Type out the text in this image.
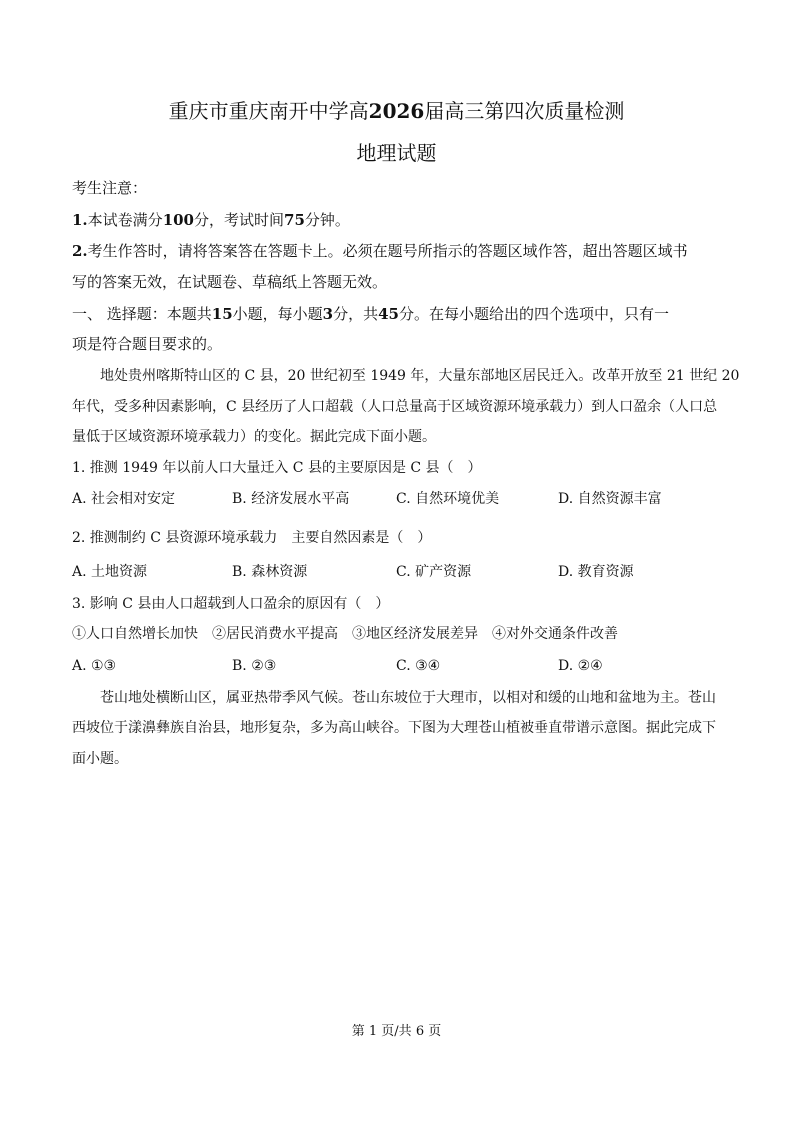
重庆市重庆南开中学高2026届高三第四次质量检测
地理试题
考生注意：
1.本试卷满分100分，考试时间75分钟。
2.考生作答时，请将答案答在答题卡上。必须在题号所指示的答题区域作答，超出答题区域书
写的答案无效，在试题卷、草稿纸上答题无效。
一、 选择题：本题共15小题，每小题3分，共45分。在每小题给出的四个选项中，只有一
项是符合题目要求的。
地处贵州喀斯特山区的 C 县，20 世纪初至 1949 年，大量东部地区居民迁入。改革开放至 21 世纪 20
年代，受多种因素影响，C 县经历了人口超载（人口总量高于区域资源环境承载力）到人口盈余（人口总
量低于区域资源环境承载力）的变化。据此完成下面小题。
1. 推测 1949 年以前人口大量迁入 C 县的主要原因是 C 县（　）
A. 社会相对安定	B. 经济发展水平高	C. 自然环境优美	D. 自然资源丰富
2. 推测制约 C 县资源环境承载力　主要自然因素是（　）
A. 土地资源	B. 森林资源	C. 矿产资源	D. 教育资源
3. 影响 C 县由人口超载到人口盈余的原因有（　）
①人口自然增长加快　②居民消费水平提高　③地区经济发展差异　④对外交通条件改善
A. ①③	B. ②③	C. ③④	D. ②④
苍山地处横断山区，属亚热带季风气候。苍山东坡位于大理市，以相对和缓的山地和盆地为主。苍山
西坡位于漾濞彝族自治县，地形复杂，多为高山峡谷。下图为大理苍山植被垂直带谱示意图。据此完成下
面小题。
第 1 页/共 6 页
